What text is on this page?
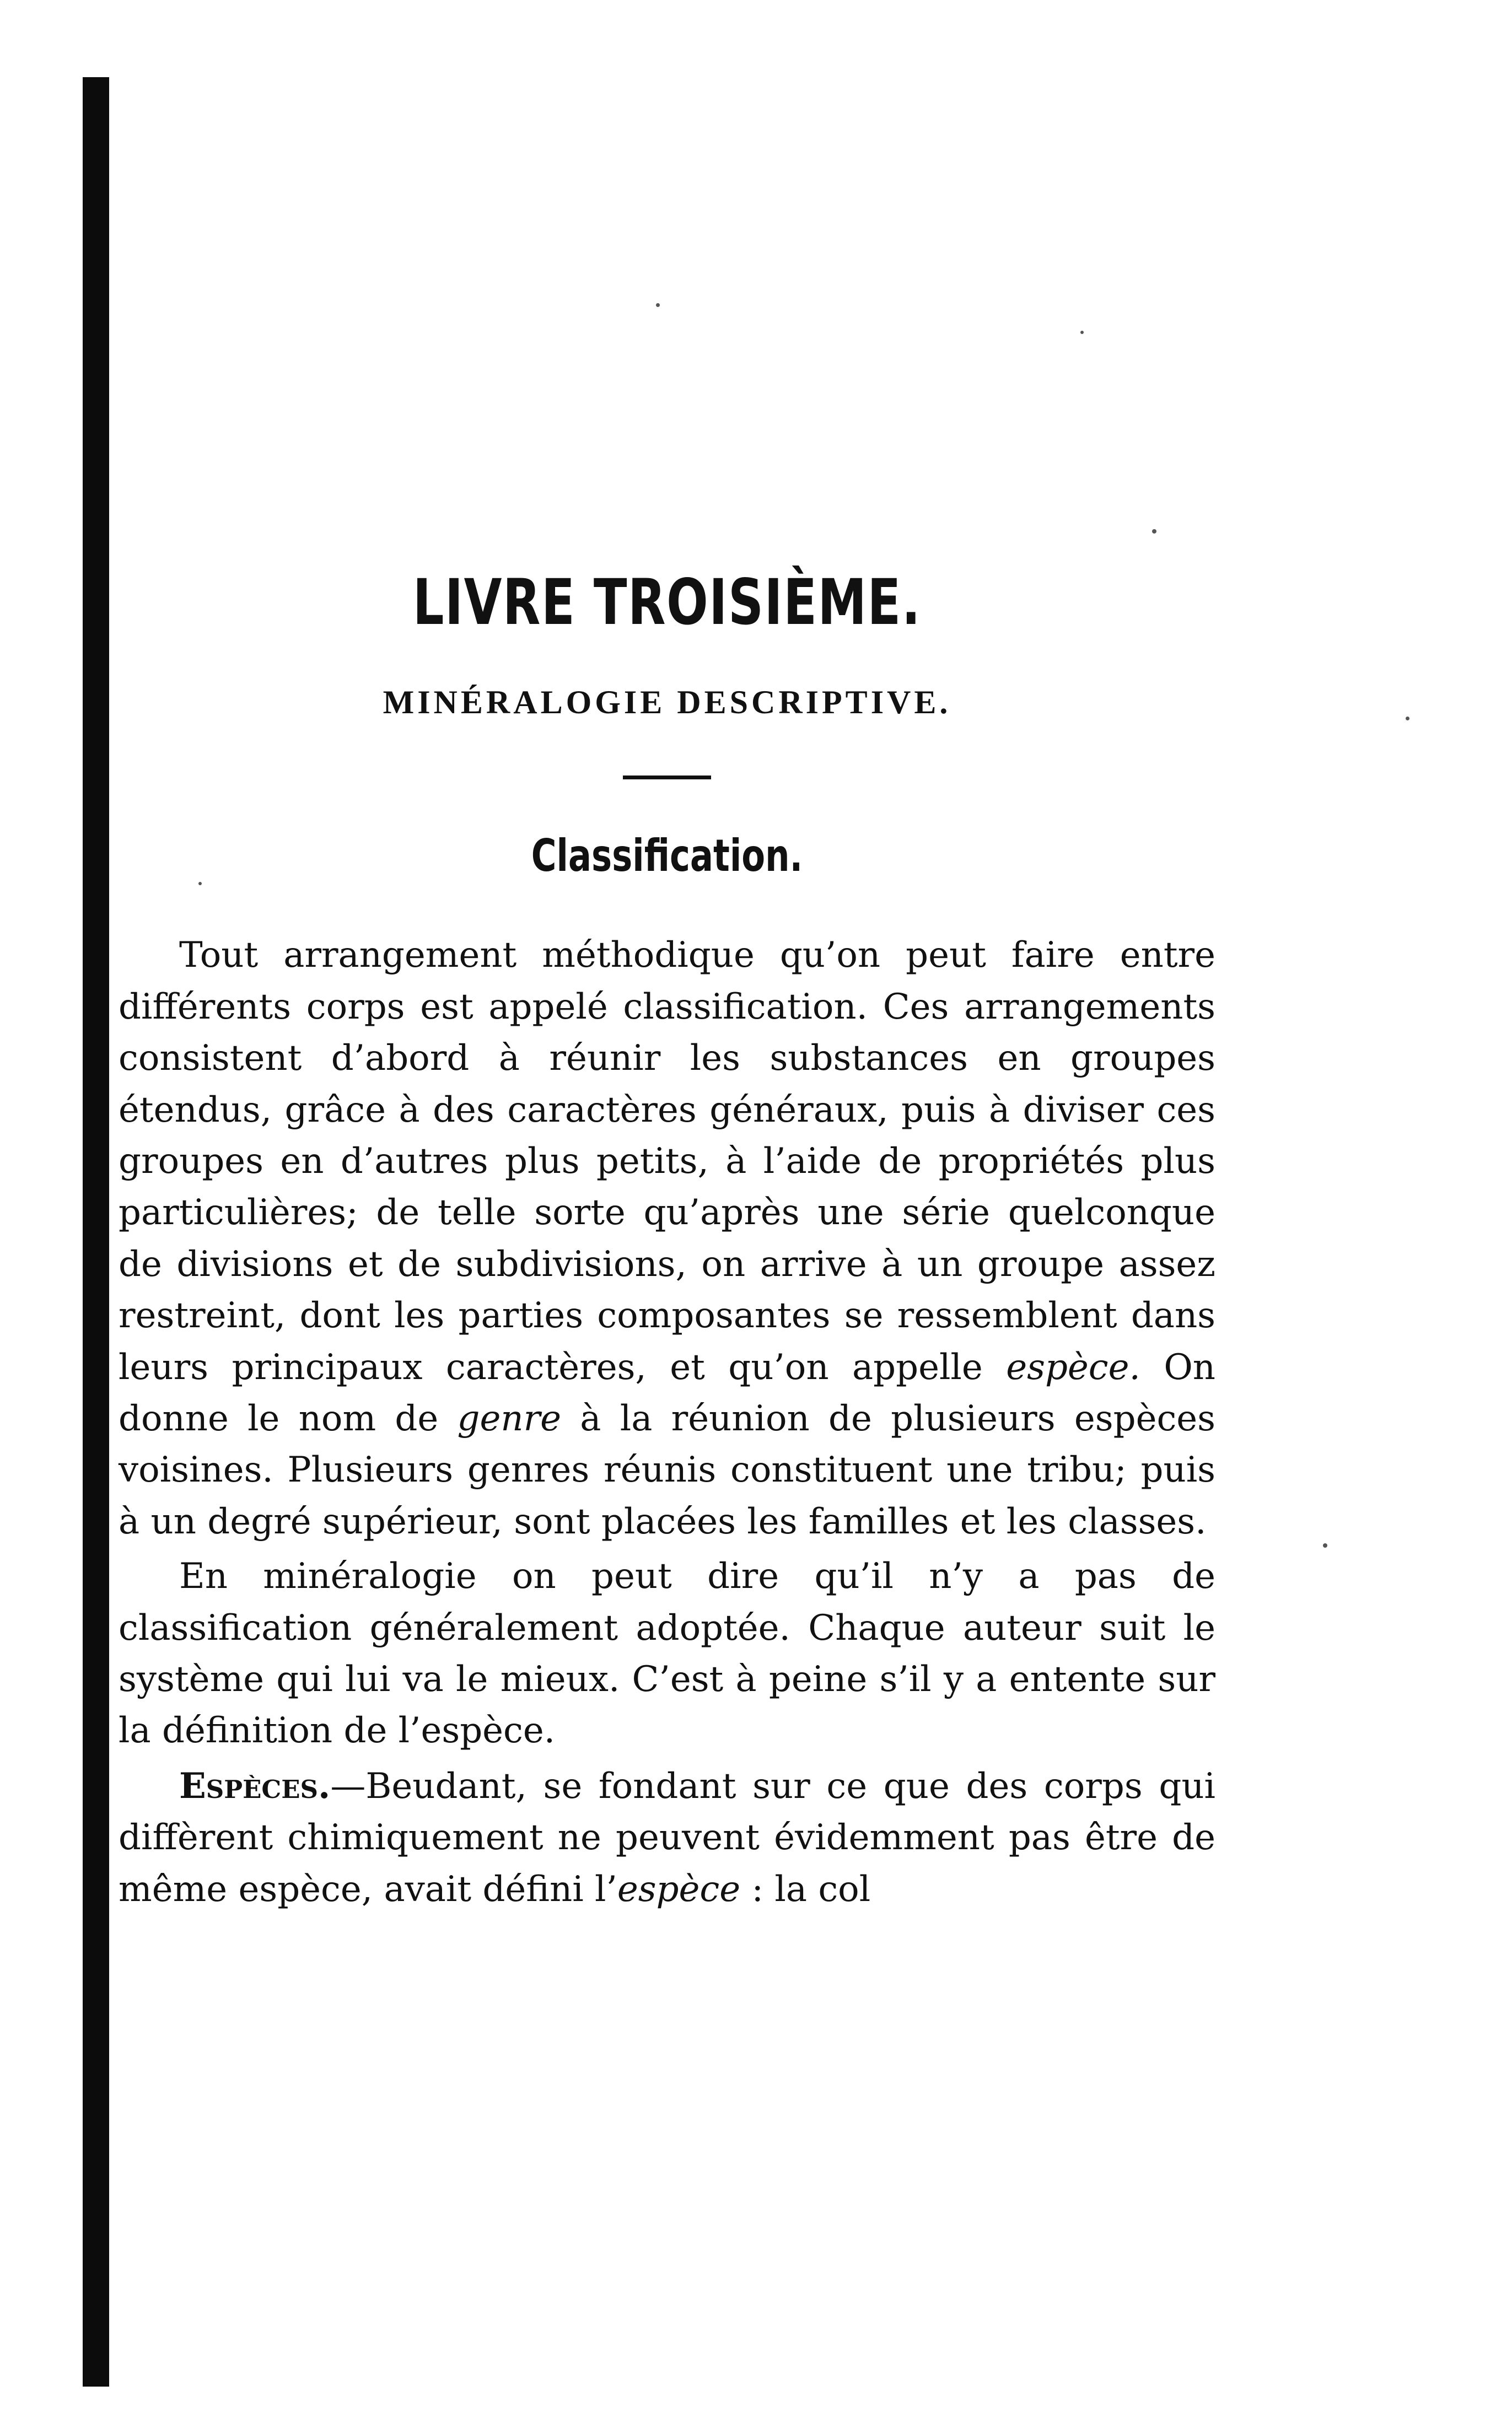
LIVRE TROISIÈME.
MINÉRALOGIE DESCRIPTIVE.
Classification.

Tout arrangement méthodique qu’on peut faire entre différents corps est appelé classification. Ces arrangements consistent d’abord à réunir les substances en groupes étendus, grâce à des caractères généraux, puis à diviser ces groupes en d’autres plus petits, à l’aide de propriétés plus particulières; de telle sorte qu’après une série quelconque de divisions et de subdivisions, on arrive à un groupe assez restreint, dont les parties composantes se ressemblent dans leurs principaux caractères, et qu’on appelle espèce. On donne le nom de genre à la réunion de plusieurs espèces voisines. Plusieurs genres réunis constituent une tribu; puis à un degré supérieur, sont placées les familles et les classes.

En minéralogie on peut dire qu’il n’y a pas de classification généralement adoptée. Chaque auteur suit le système qui lui va le mieux. C’est à peine s’il y a entente sur la définition de l’espèce.

Espèces.—Beudant, se fondant sur ce que des corps qui diffèrent chimiquement ne peuvent évidemment pas être de même espèce, avait défini l’espèce : la col
